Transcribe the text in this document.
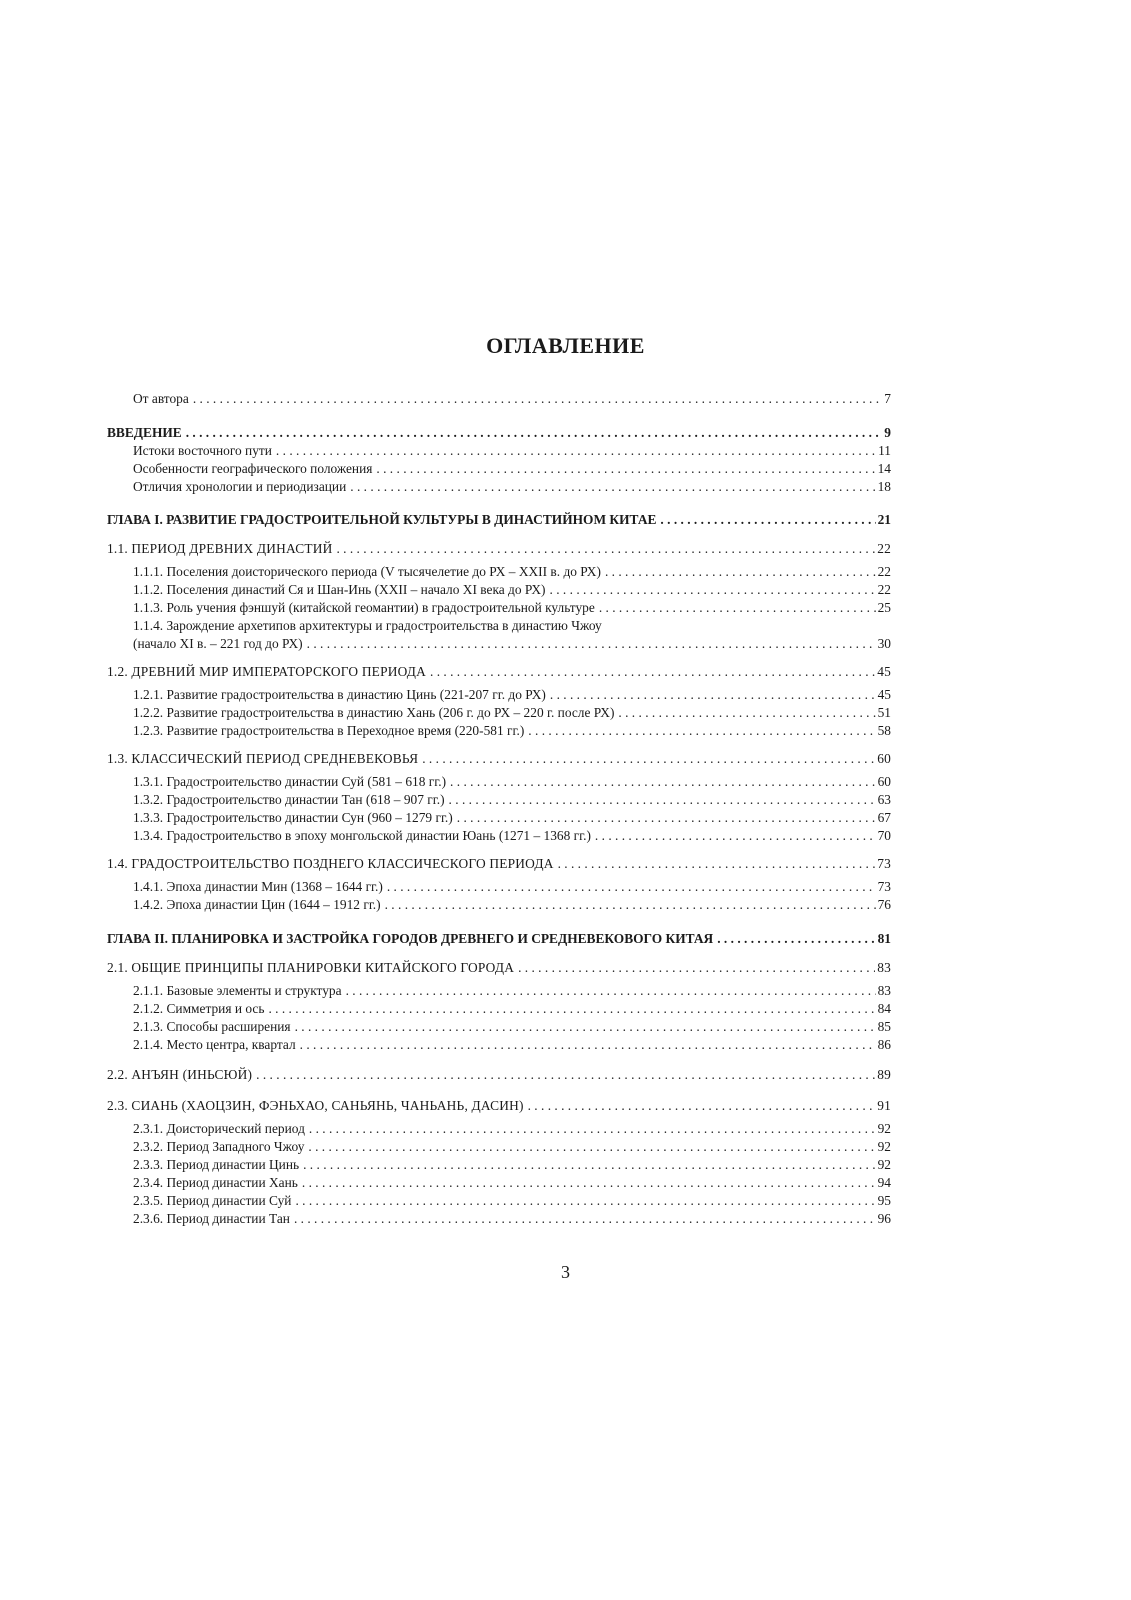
ОГЛАВЛЕНИЕ
От автора . . .	7
ВВЕДЕНИЕ . . .	9
Истоки восточного пути . . .	11
Особенности географического положения . . .	14
Отличия хронологии и периодизации . . .	18
ГЛАВА I. РАЗВИТИЕ ГРАДОСТРОИТЕЛЬНОЙ КУЛЬТУРЫ В ДИНАСТИЙНОМ КИТАЕ . . .	21
1.1. ПЕРИОД ДРЕВНИХ ДИНАСТИЙ . . .	22
1.1.1. Поселения доисторического периода (V тысячелетие до РХ – XXII в. до РХ) . . .	22
1.1.2. Поселения династий Ся и Шан-Инь (XXII – начало XI века до РХ) . . .	22
1.1.3. Роль учения фэншуй (китайской геомантии) в градостроительной культуре . . .	25
1.1.4. Зарождение архетипов архитектуры и градостроительства в династию Чжоу
(начало XI в. – 221 год до РХ) . . .	30
1.2. ДРЕВНИЙ МИР ИМПЕРАТОРСКОГО ПЕРИОДА . . .	45
1.2.1. Развитие градостроительства в династию Цинь (221-207 гг. до РХ) . . .	45
1.2.2. Развитие градостроительства в династию Хань (206 г. до РХ – 220 г. после РХ) . . .	51
1.2.3. Развитие градостроительства в Переходное время (220-581 гг.) . . .	58
1.3. КЛАССИЧЕСКИЙ ПЕРИОД СРЕДНЕВЕКОВЬЯ . . .	60
1.3.1. Градостроительство династии Суй (581 – 618 гг.) . . .	60
1.3.2. Градостроительство династии Тан (618 – 907 гг.) . . .	63
1.3.3. Градостроительство династии Сун (960 – 1279 гг.) . . .	67
1.3.4. Градостроительство в эпоху монгольской династии Юань (1271 – 1368 гг.) . . .	70
1.4. ГРАДОСТРОИТЕЛЬСТВО ПОЗДНЕГО КЛАССИЧЕСКОГО ПЕРИОДА . . .	73
1.4.1. Эпоха династии Мин (1368 – 1644 гг.) . . .	73
1.4.2. Эпоха династии Цин (1644 – 1912 гг.) . . .	76
ГЛАВА II. ПЛАНИРОВКА И ЗАСТРОЙКА ГОРОДОВ ДРЕВНЕГО И СРЕДНЕВЕКОВОГО КИТАЯ . . .	81
2.1. ОБЩИЕ ПРИНЦИПЫ ПЛАНИРОВКИ КИТАЙСКОГО ГОРОДА . . .	83
2.1.1. Базовые элементы и структура . . .	83
2.1.2. Симметрия и ось . . .	84
2.1.3. Способы расширения . . .	85
2.1.4. Место центра, квартал . . .	86
2.2. АНЪЯН (ИНЬСЮЙ) . . .	89
2.3. СИАНЬ (ХАОЦЗИН, ФЭНЬХАО, САНЬЯНЬ, ЧАНЬАНЬ, ДАСИН) . . .	91
2.3.1. Доисторический период . . .	92
2.3.2. Период Западного Чжоу . . .	92
2.3.3. Период династии Цинь . . .	92
2.3.4. Период династии Хань . . .	94
2.3.5. Период династии Суй . . .	95
2.3.6. Период династии Тан . . .	96
3
